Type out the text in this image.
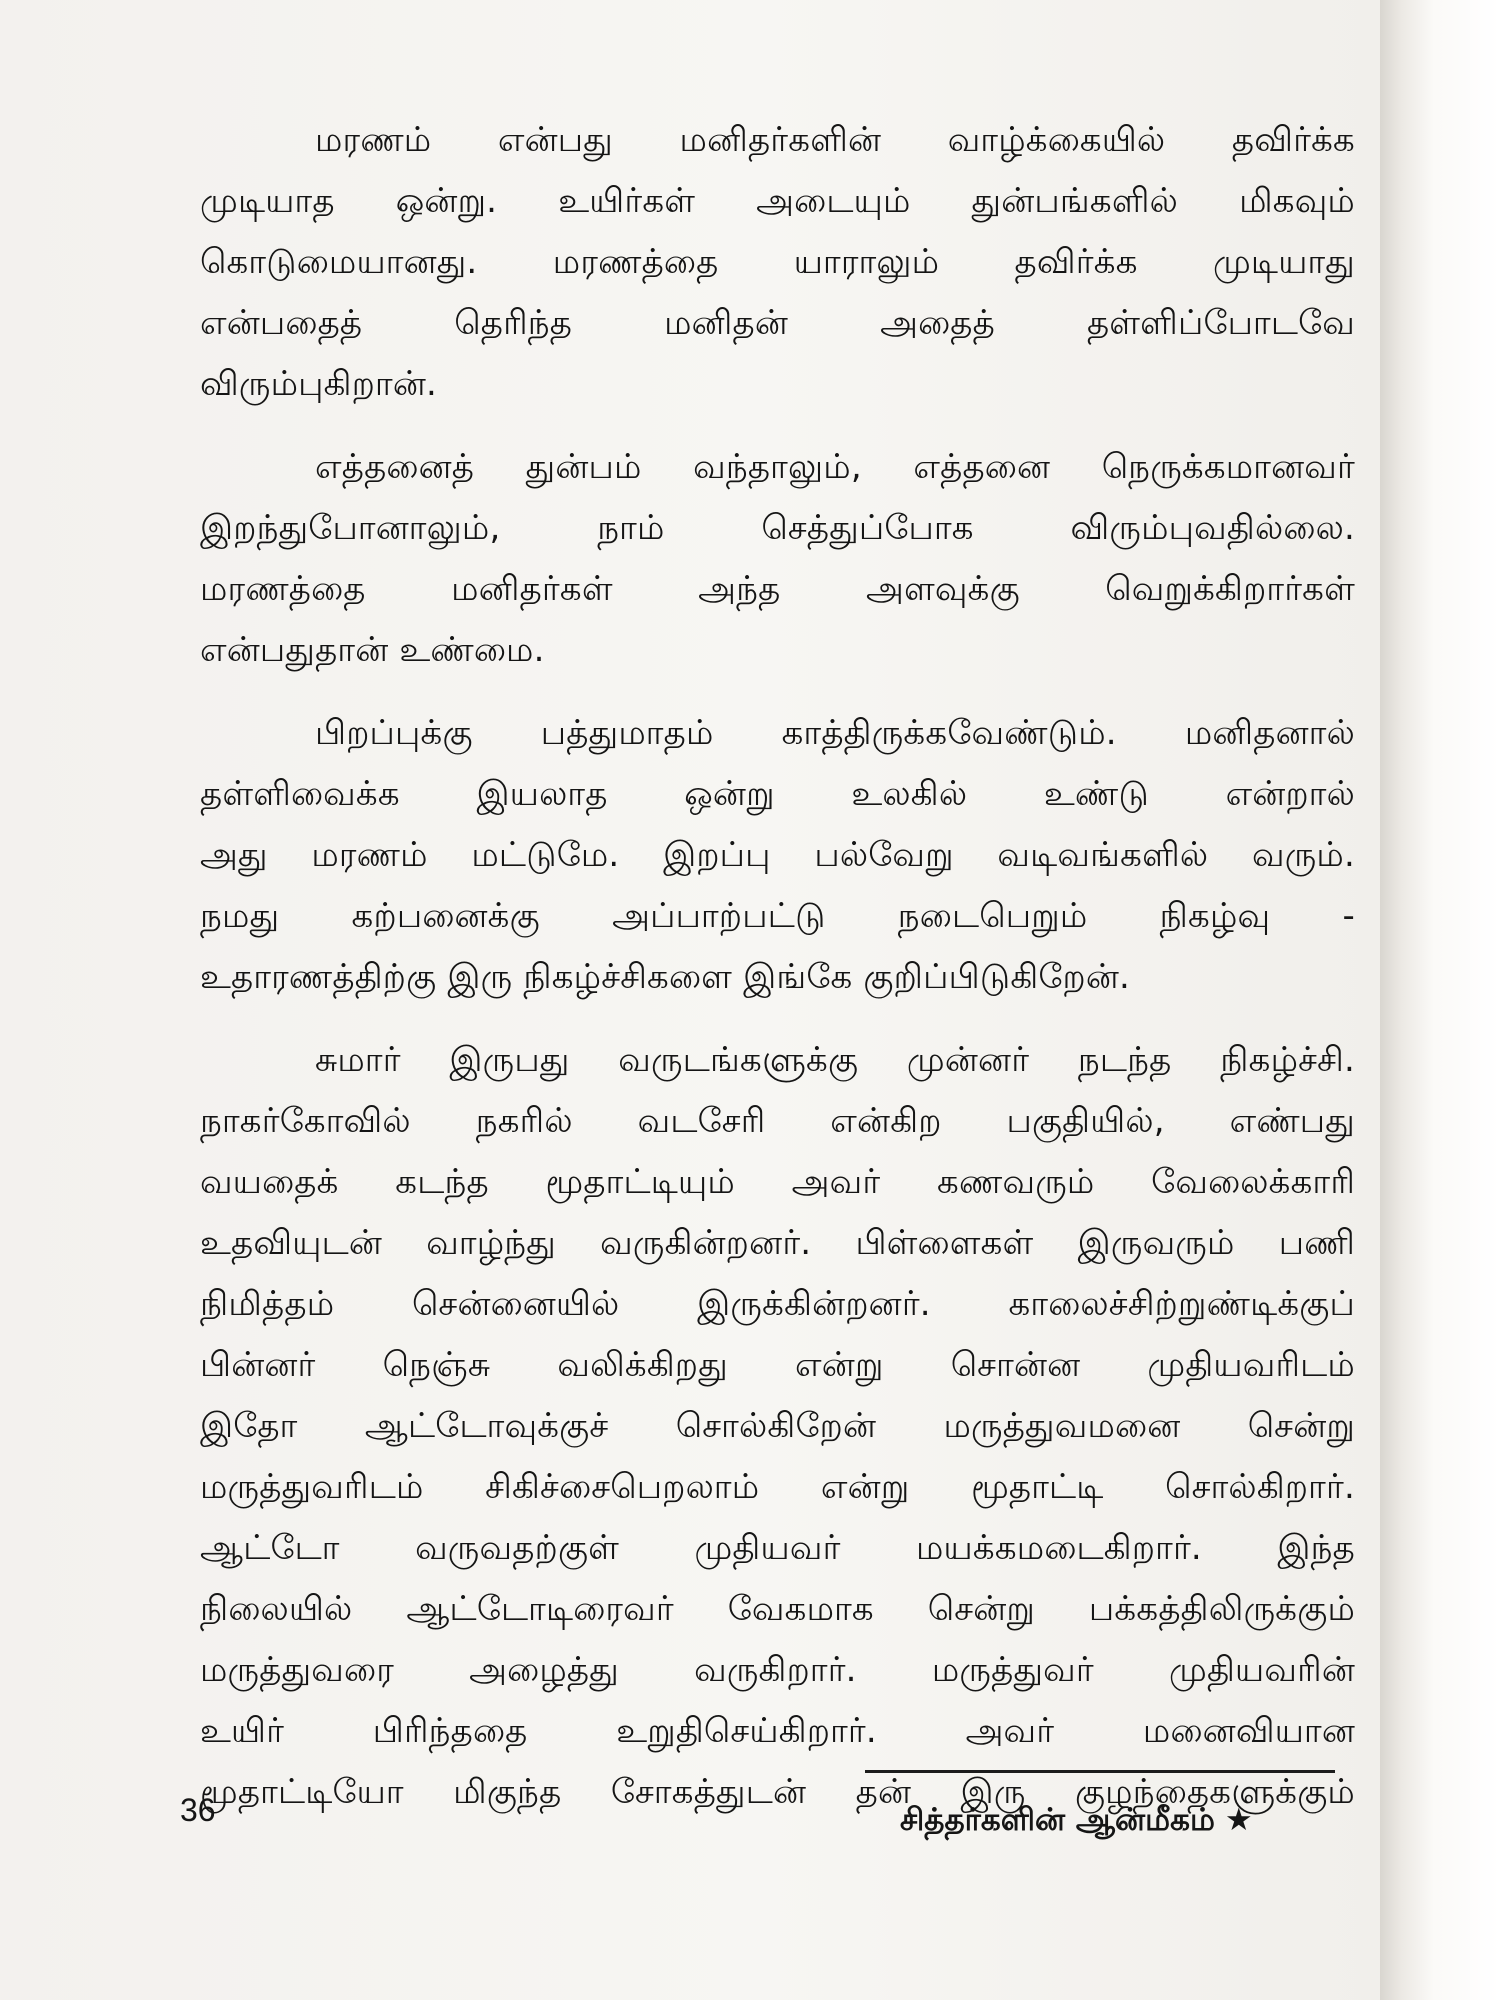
மரணம் என்பது மனிதர்களின் வாழ்க்கையில் தவிர்க்க
முடியாத ஒன்று. உயிர்கள் அடையும் துன்பங்களில் மிகவும்
கொடுமையானது. மரணத்தை யாராலும் தவிர்க்க முடியாது
என்பதைத் தெரிந்த மனிதன் அதைத் தள்ளிப்போடவே
விரும்புகிறான்.
எத்தனைத் துன்பம் வந்தாலும், எத்தனை நெருக்கமானவர்
இறந்துபோனாலும், நாம் செத்துப்போக விரும்புவதில்லை.
மரணத்தை மனிதர்கள் அந்த அளவுக்கு வெறுக்கிறார்கள்
என்பதுதான் உண்மை.
பிறப்புக்கு பத்துமாதம் காத்திருக்கவேண்டும். மனிதனால்
தள்ளிவைக்க இயலாத ஒன்று உலகில் உண்டு என்றால்
அது மரணம் மட்டுமே. இறப்பு பல்வேறு வடிவங்களில் வரும்.
நமது கற்பனைக்கு அப்பாற்பட்டு நடைபெறும் நிகழ்வு -
உதாரணத்திற்கு இரு நிகழ்ச்சிகளை இங்கே குறிப்பிடுகிறேன்.
சுமார் இருபது வருடங்களுக்கு முன்னர் நடந்த நிகழ்ச்சி.
நாகர்கோவில் நகரில் வடசேரி என்கிற பகுதியில், எண்பது
வயதைக் கடந்த மூதாட்டியும் அவர் கணவரும் வேலைக்காரி
உதவியுடன் வாழ்ந்து வருகின்றனர். பிள்ளைகள் இருவரும் பணி
நிமித்தம் சென்னையில் இருக்கின்றனர். காலைச்சிற்றுண்டிக்குப்
பின்னர் நெஞ்சு வலிக்கிறது என்று சொன்ன முதியவரிடம்
இதோ ஆட்டோவுக்குச் சொல்கிறேன் மருத்துவமனை சென்று
மருத்துவரிடம் சிகிச்சைபெறலாம் என்று மூதாட்டி சொல்கிறார்.
ஆட்டோ வருவதற்குள் முதியவர் மயக்கமடைகிறார். இந்த
நிலையில் ஆட்டோடிரைவர் வேகமாக சென்று பக்கத்திலிருக்கும்
மருத்துவரை அழைத்து வருகிறார். மருத்துவர் முதியவரின்
உயிர் பிரிந்ததை உறுதிசெய்கிறார். அவர் மனைவியான
மூதாட்டியோ மிகுந்த சோகத்துடன் தன் இரு குழந்தைகளுக்கும்
36	சித்தர்களின் ஆன்மீகம் ★
